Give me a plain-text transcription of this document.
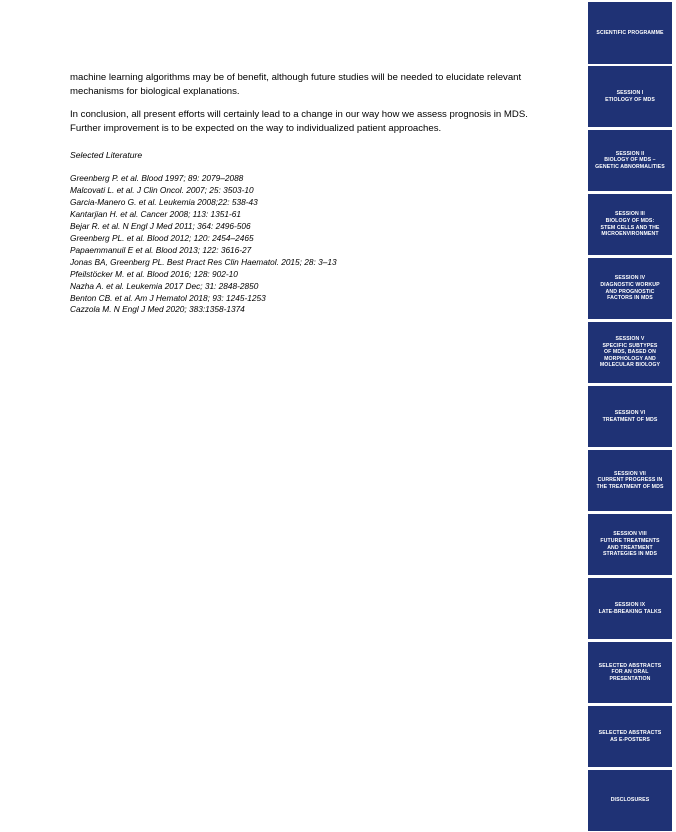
machine learning algorithms may be of benefit, although future studies will be needed to elucidate relevant mechanisms for biological explanations.

In conclusion, all present efforts will certainly lead to a change in our way how we assess prognosis in MDS. Further improvement is to be expected on the way to individualized patient approaches.

Selected Literature
Greenberg P. et al. Blood 1997; 89: 2079–2088
Malcovati L. et al. J Clin Oncol. 2007; 25: 3503-10
Garcia-Manero G. et al. Leukemia 2008;22: 538-43
Kantarjian H. et al. Cancer 2008; 113: 1351-61
Bejar R. et al. N Engl J Med 2011; 364: 2496-506
Greenberg PL. et al. Blood 2012; 120: 2454–2465
Papaemmanuil E et al. Blood 2013; 122: 3616-27
Jonas BA, Greenberg PL. Best Pract Res Clin Haematol. 2015; 28: 3–13
Pfeilstöcker M. et al. Blood 2016; 128: 902-10
Nazha A. et al. Leukemia 2017 Dec; 31: 2848-2850
Benton CB. et al. Am J Hematol 2018; 93: 1245-1253
Cazzola M. N Engl J Med 2020; 383:1358-1374
SCIENTIFIC PROGRAMME
SESSION I
ETIOLOGY OF MDS
SESSION II
BIOLOGY OF MDS –
GENETIC ABNORMALITIES
SESSION III
BIOLOGY OF MDS:
STEM CELLS AND THE
MICROENVIRONMENT
SESSION IV
DIAGNOSTIC WORKUP
AND PROGNOSTIC
FACTORS IN MDS
SESSION V
SPECIFIC SUBTYPES
OF MDS, BASED ON
MORPHOLOGY AND
MOLECULAR BIOLOGY
SESSION VI
TREATMENT OF MDS
SESSION VII
CURRENT PROGRESS IN
THE TREATMENT OF MDS
SESSION VIII
FUTURE TREATMENTS
AND TREATMENT
STRATEGIES IN MDS
SESSION IX
LATE-BREAKING TALKS
SELECTED ABSTRACTS
FOR AN ORAL
PRESENTATION
SELECTED ABSTRACTS
AS E-POSTERS
DISCLOSURES
